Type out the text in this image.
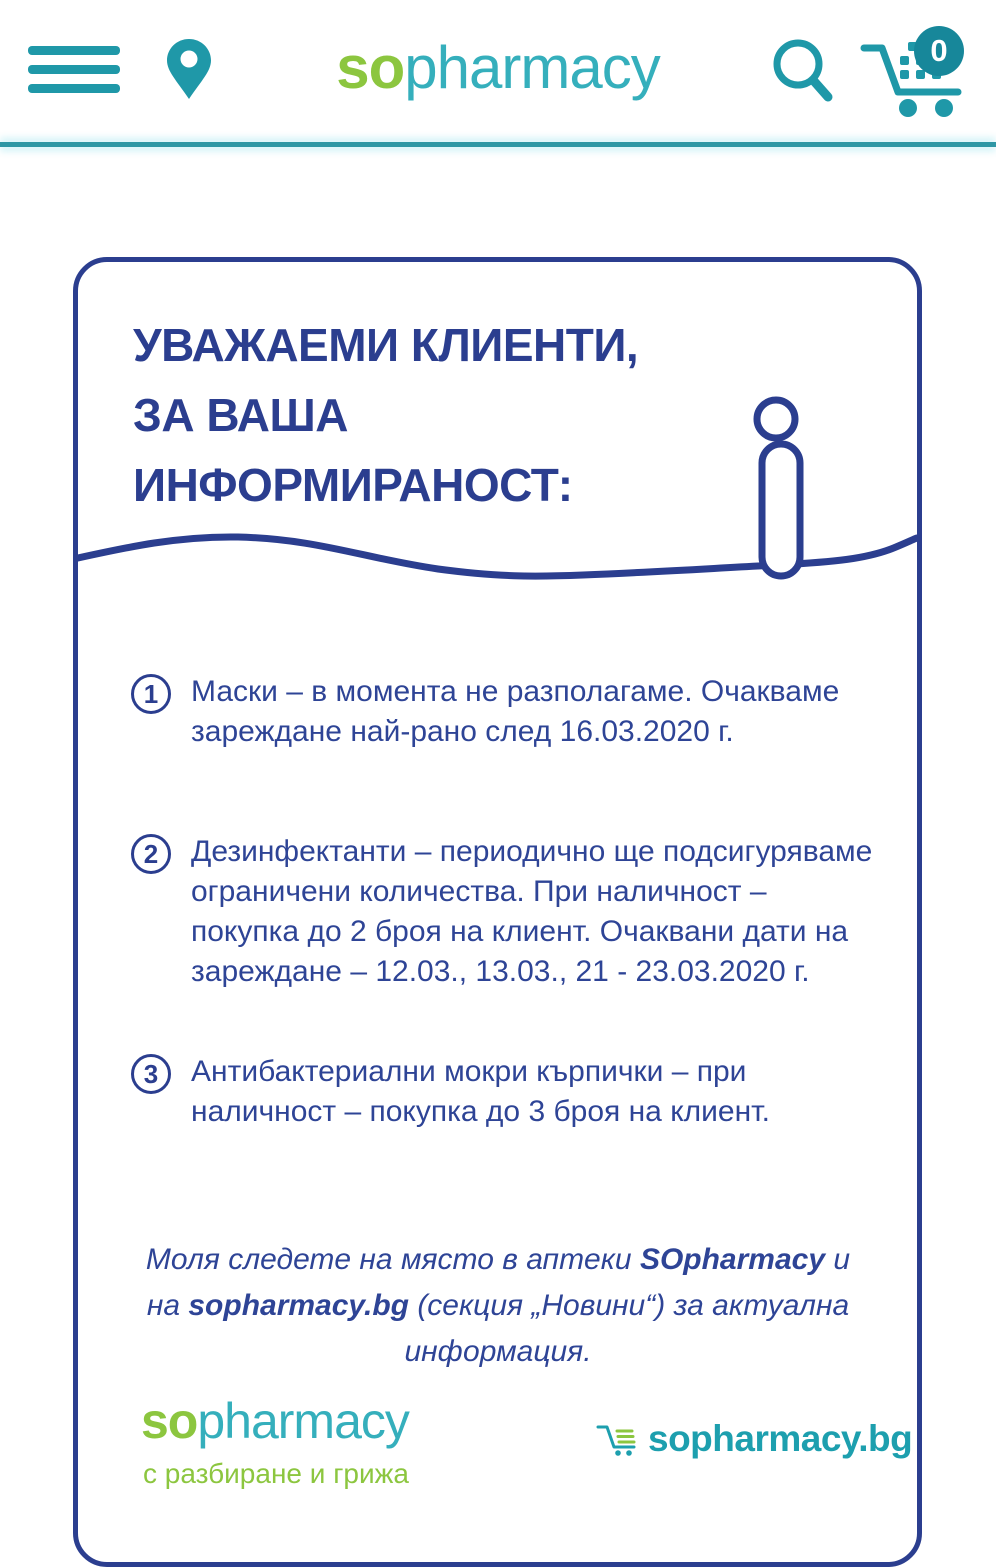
sopharmacy	0
УВАЖАЕМИ КЛИЕНТИ,
ЗА ВАША
ИНФОРМИРАНОСТ:
1	Маски – в момента не разполагаме. Очакваме зареждане най-рано след 16.03.2020 г.
2	Дезинфектанти – периодично ще подсигуряваме ограничени количества. При наличност – покупка до 2 броя на клиент. Очаквани дати на зареждане – 12.03., 13.03., 21 - 23.03.2020 г.
3	Антибактериални мокри кърпички – при наличност – покупка до 3 броя на клиент.
Моля следете на място в аптеки SOpharmacy и на sopharmacy.bg (секция „Новини“) за актуална информация.
sopharmacy
с разбиране и грижа
sopharmacy.bg
